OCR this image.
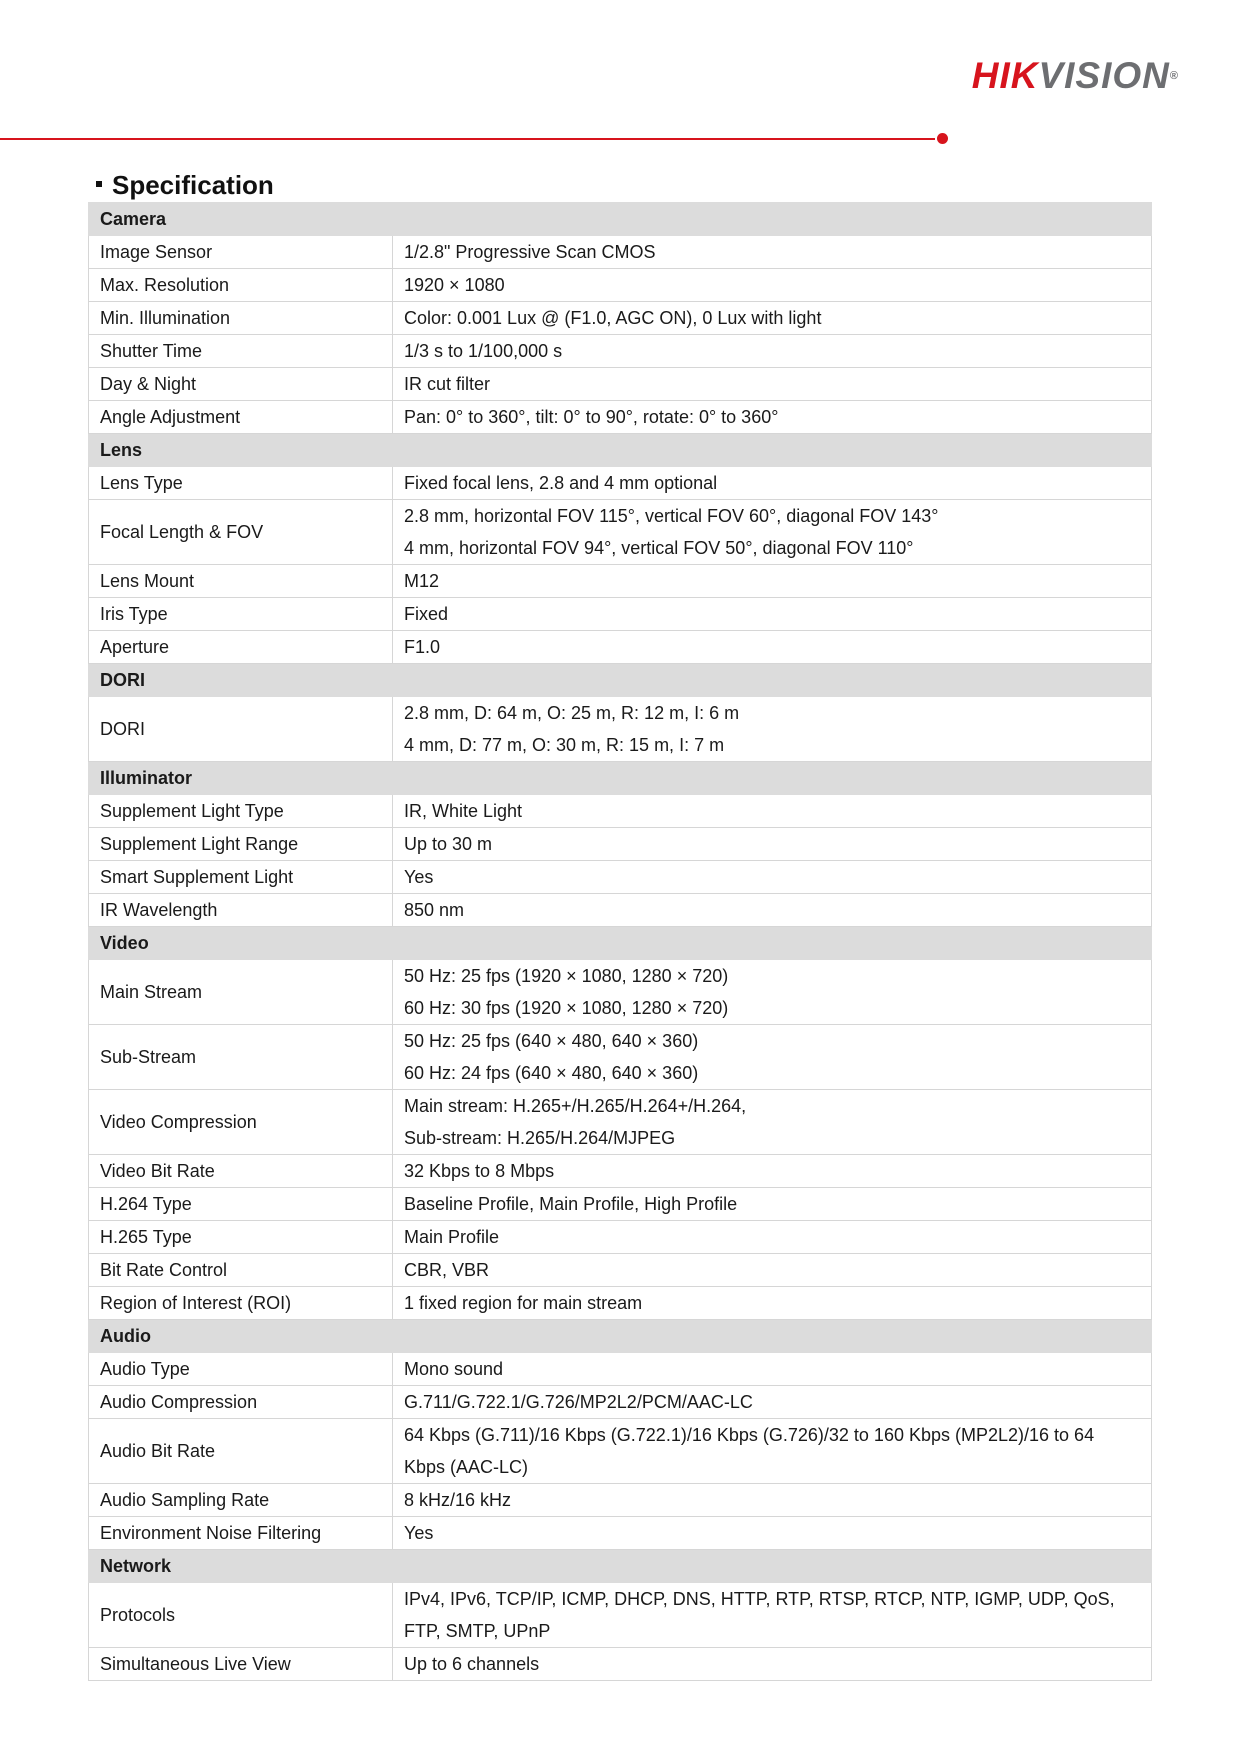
HIKVISION®
Specification
Camera	
Image Sensor	1/2.8" Progressive Scan CMOS

Max. Resolution	1920 × 1080

Min. Illumination	Color: 0.001 Lux @ (F1.0, AGC ON), 0 Lux with light

Shutter Time	1/3 s to 1/100,000 s

Day & Night	IR cut filter

Angle Adjustment	Pan: 0° to 360°, tilt: 0° to 90°, rotate: 0° to 360°

Lens	
Lens Type	Fixed focal lens, 2.8 and 4 mm optional

Focal Length & FOV	2.8 mm, horizontal FOV 115°, vertical FOV 60°, diagonal FOV 143°
4 mm, horizontal FOV 94°, vertical FOV 50°, diagonal FOV 110°

Lens Mount	M12

Iris Type	Fixed

Aperture	F1.0

DORI	
DORI	2.8 mm, D: 64 m, O: 25 m, R: 12 m, I: 6 m
4 mm, D: 77 m, O: 30 m, R: 15 m, I: 7 m

Illuminator	
Supplement Light Type	IR, White Light

Supplement Light Range	Up to 30 m

Smart Supplement Light	Yes

IR Wavelength	850 nm

Video	
Main Stream	50 Hz: 25 fps (1920 × 1080, 1280 × 720)
60 Hz: 30 fps (1920 × 1080, 1280 × 720)

Sub-Stream	50 Hz: 25 fps (640 × 480, 640 × 360)
60 Hz: 24 fps (640 × 480, 640 × 360)

Video Compression	Main stream: H.265+/H.265/H.264+/H.264,
Sub-stream: H.265/H.264/MJPEG

Video Bit Rate	32 Kbps to 8 Mbps

H.264 Type	Baseline Profile, Main Profile, High Profile

H.265 Type	Main Profile

Bit Rate Control	CBR, VBR

Region of Interest (ROI)	1 fixed region for main stream

Audio	
Audio Type	Mono sound

Audio Compression	G.711/G.722.1/G.726/MP2L2/PCM/AAC-LC

Audio Bit Rate	64 Kbps (G.711)/16 Kbps (G.722.1)/16 Kbps (G.726)/32 to 160 Kbps (MP2L2)/16 to 64
Kbps (AAC-LC)

Audio Sampling Rate	8 kHz/16 kHz

Environment Noise Filtering	Yes

Network	
Protocols	IPv4, IPv6, TCP/IP, ICMP, DHCP, DNS, HTTP, RTP, RTSP, RTCP, NTP, IGMP, UDP, QoS,
FTP, SMTP, UPnP

Simultaneous Live View	Up to 6 channels
